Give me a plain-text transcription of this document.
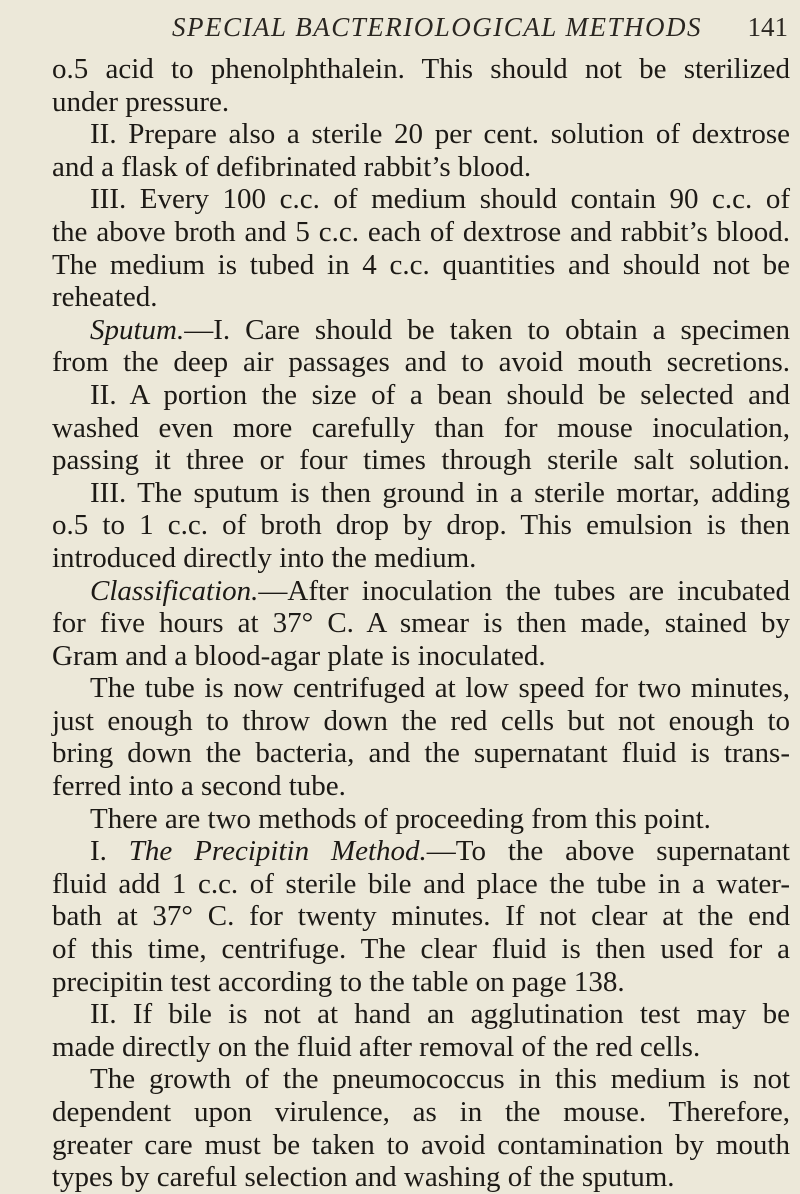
SPECIAL BACTERIOLOGICAL METHODS 141
o.5 acid to phenolphthalein. This should not be sterilized
under pressure.
II. Prepare also a sterile 20 per cent. solution of dextrose
and a flask of defibrinated rabbit’s blood.
III. Every 100 c.c. of medium should contain 90 c.c. of
the above broth and 5 c.c. each of dextrose and rabbit’s blood.
The medium is tubed in 4 c.c. quantities and should not be
reheated.
Sputum.—I. Care should be taken to obtain a specimen
from the deep air passages and to avoid mouth secretions.
II. A portion the size of a bean should be selected and
washed even more carefully than for mouse inoculation,
passing it three or four times through sterile salt solution.
III. The sputum is then ground in a sterile mortar, adding
o.5 to 1 c.c. of broth drop by drop. This emulsion is then
introduced directly into the medium.
Classification.—After inoculation the tubes are incubated
for five hours at 37° C. A smear is then made, stained by
Gram and a blood-agar plate is inoculated.
The tube is now centrifuged at low speed for two minutes,
just enough to throw down the red cells but not enough to
bring down the bacteria, and the supernatant fluid is trans-
ferred into a second tube.
There are two methods of proceeding from this point.
I. The Precipitin Method.—To the above supernatant
fluid add 1 c.c. of sterile bile and place the tube in a water-
bath at 37° C. for twenty minutes. If not clear at the end
of this time, centrifuge. The clear fluid is then used for a
precipitin test according to the table on page 138.
II. If bile is not at hand an agglutination test may be
made directly on the fluid after removal of the red cells.
The growth of the pneumococcus in this medium is not
dependent upon virulence, as in the mouse. Therefore,
greater care must be taken to avoid contamination by mouth
types by careful selection and washing of the sputum.
